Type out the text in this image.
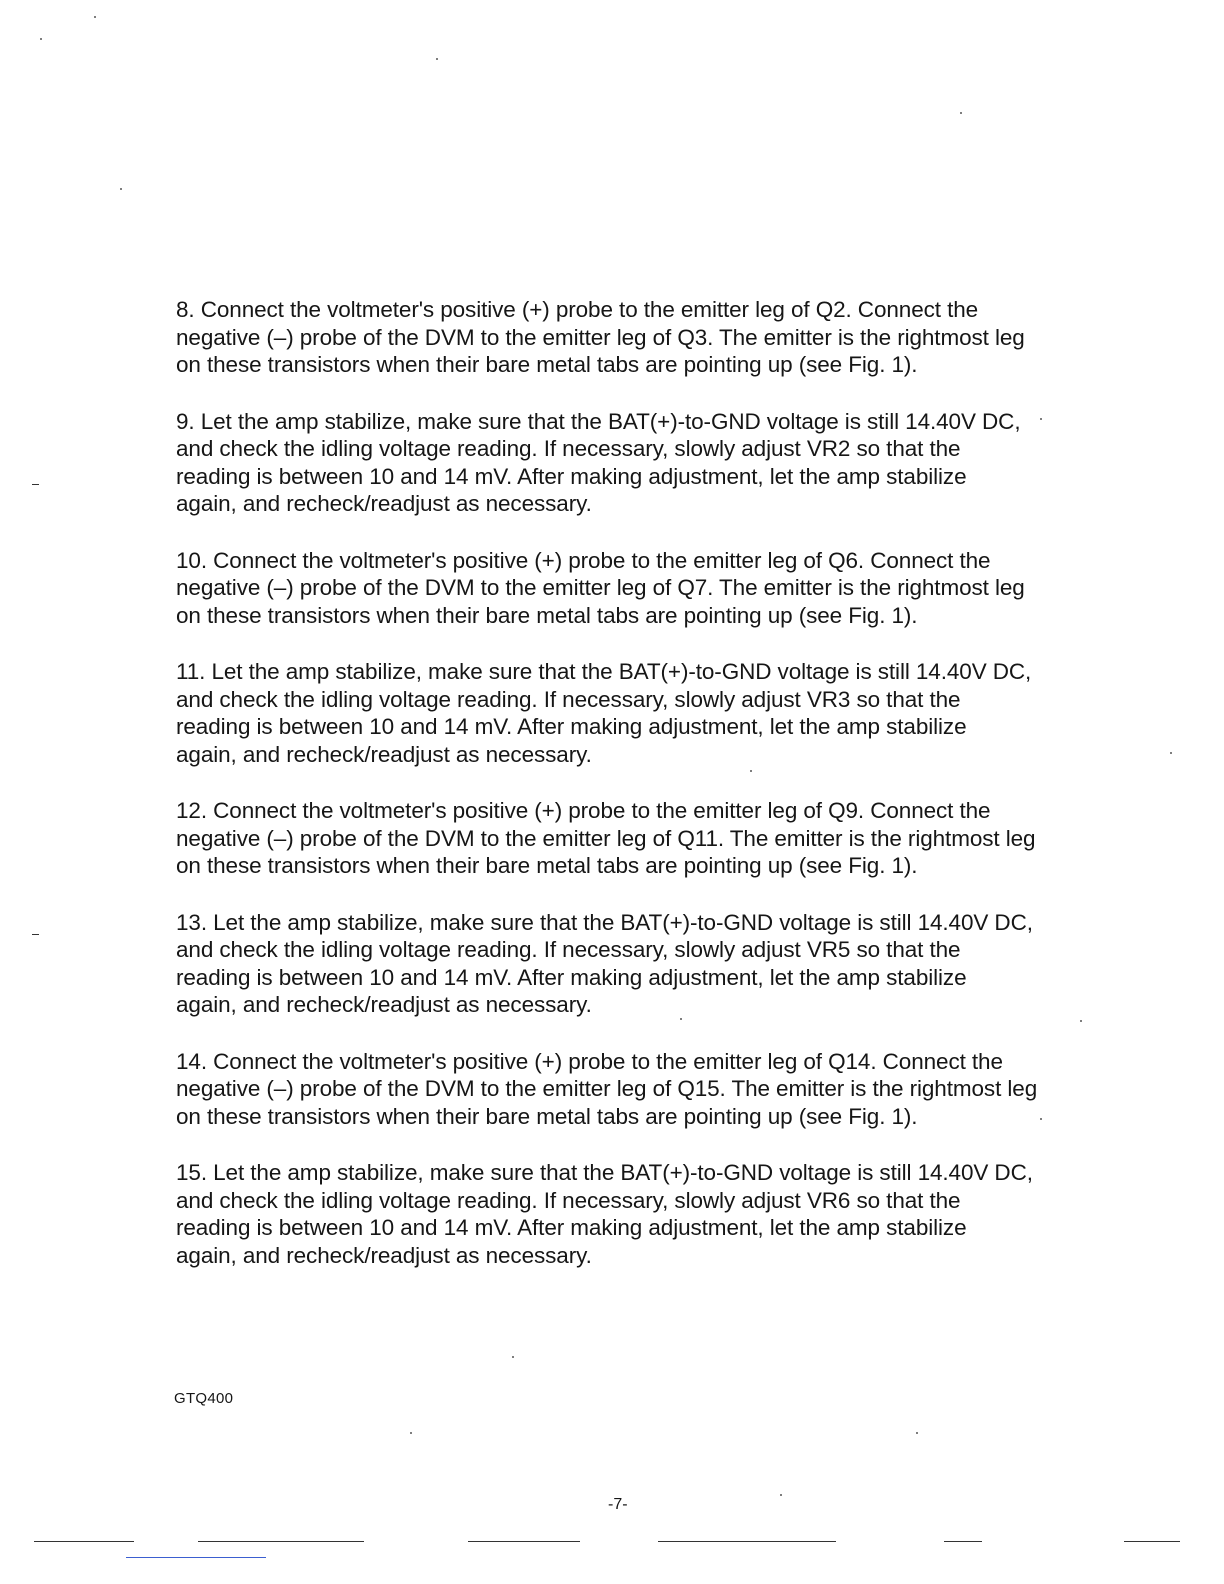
8. Connect the voltmeter's positive (+) probe to the emitter leg of Q2. Connect the
negative (–) probe of the DVM to the emitter leg of Q3. The emitter is the rightmost leg
on these transistors when their bare metal tabs are pointing up (see Fig. 1).

9. Let the amp stabilize, make sure that the BAT(+)-to-GND voltage is still 14.40V DC,
and check the idling voltage reading. If necessary, slowly adjust VR2 so that the
reading is between 10 and 14 mV. After making adjustment, let the amp stabilize
again, and recheck/readjust as necessary.

10. Connect the voltmeter's positive (+) probe to the emitter leg of Q6. Connect the
negative (–) probe of the DVM to the emitter leg of Q7. The emitter is the rightmost leg
on these transistors when their bare metal tabs are pointing up (see Fig. 1).

11. Let the amp stabilize, make sure that the BAT(+)-to-GND voltage is still 14.40V DC,
and check the idling voltage reading. If necessary, slowly adjust VR3 so that the
reading is between 10 and 14 mV. After making adjustment, let the amp stabilize
again, and recheck/readjust as necessary.

12. Connect the voltmeter's positive (+) probe to the emitter leg of Q9. Connect the
negative (–) probe of the DVM to the emitter leg of Q11. The emitter is the rightmost leg
on these transistors when their bare metal tabs are pointing up (see Fig. 1).

13. Let the amp stabilize, make sure that the BAT(+)-to-GND voltage is still 14.40V DC,
and check the idling voltage reading. If necessary, slowly adjust VR5 so that the
reading is between 10 and 14 mV. After making adjustment, let the amp stabilize
again, and recheck/readjust as necessary.

14. Connect the voltmeter's positive (+) probe to the emitter leg of Q14. Connect the
negative (–) probe of the DVM to the emitter leg of Q15. The emitter is the rightmost leg
on these transistors when their bare metal tabs are pointing up (see Fig. 1).

15. Let the amp stabilize, make sure that the BAT(+)-to-GND voltage is still 14.40V DC,
and check the idling voltage reading. If necessary, slowly adjust VR6 so that the
reading is between 10 and 14 mV. After making adjustment, let the amp stabilize
again, and recheck/readjust as necessary.

GTQ400
-7-
